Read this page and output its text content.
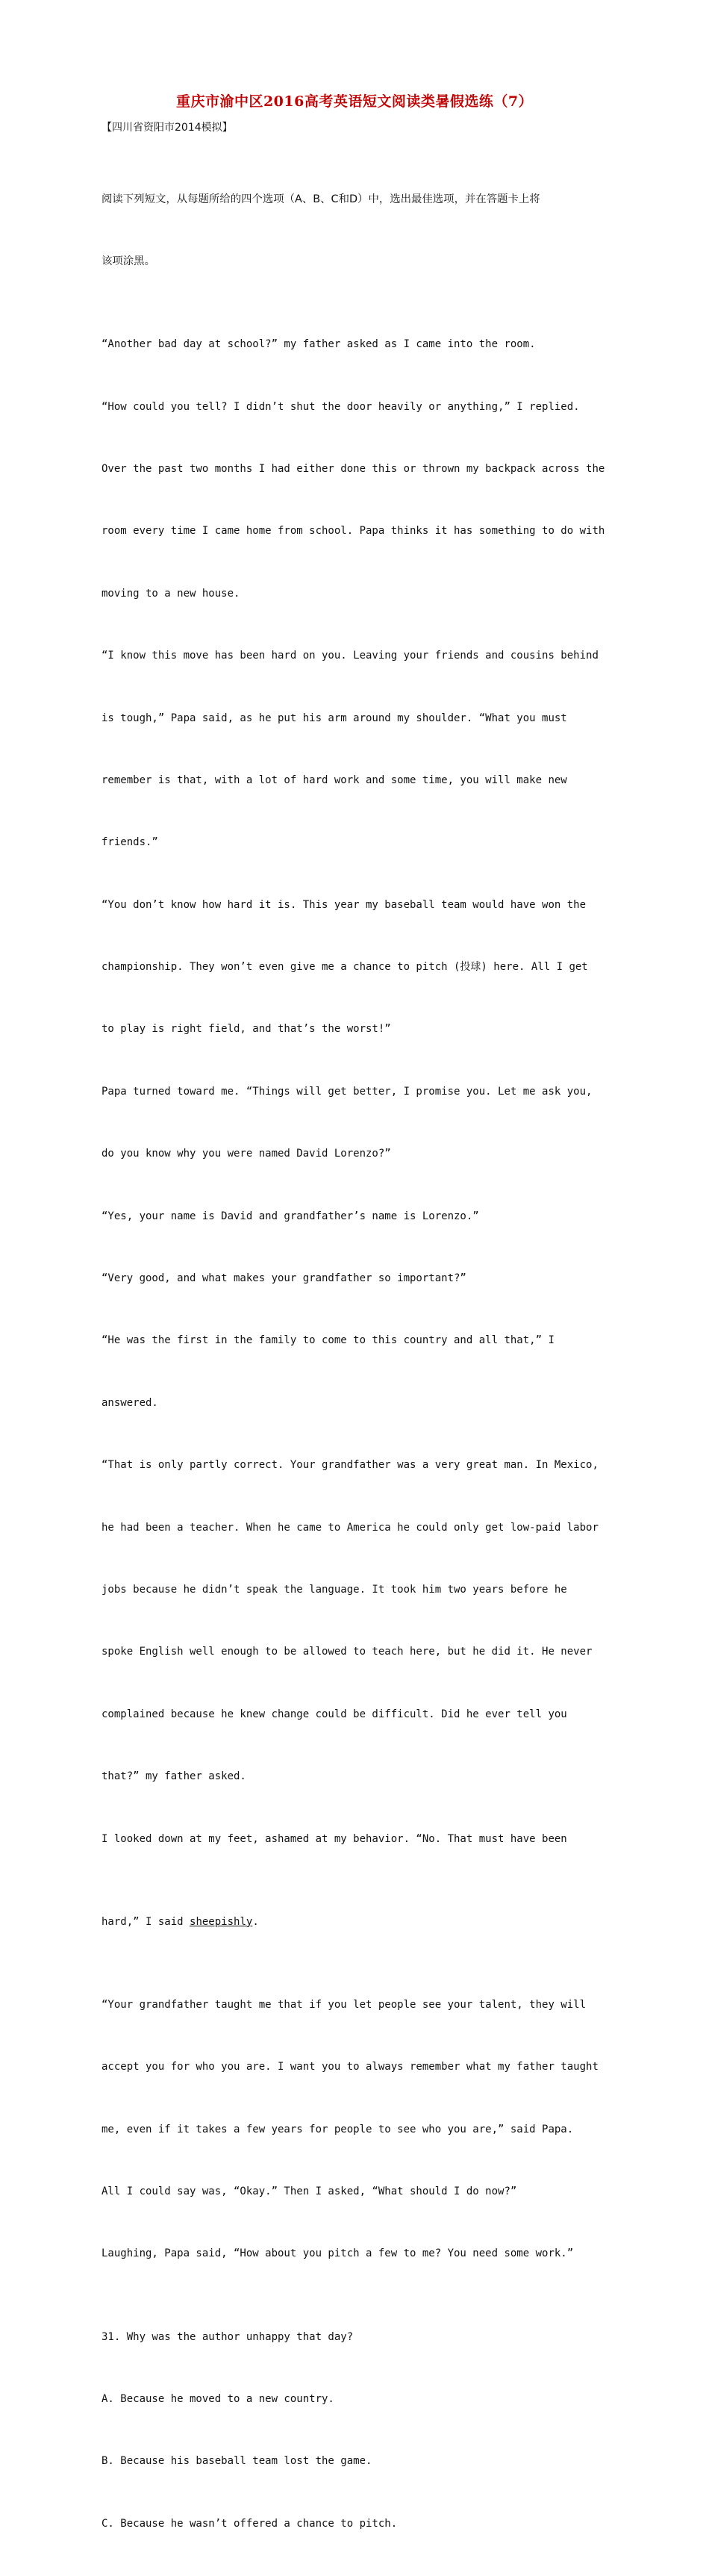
重庆市渝中区2016高考英语短文阅读类暑假选练（7）
【四川省资阳市2014模拟】

阅读下列短文，从每题所给的四个选项（A、B、C和D）中，选出最佳选项，并在答题卡上将

该项涂黑。

“Another bad day at school?” my father asked as I came into the room.

“How could you tell? I didn’t shut the door heavily or anything,” I replied.

Over the past two months I had either done this or thrown my backpack across the

room every time I came home from school. Papa thinks it has something to do with

moving to a new house.

“I know this move has been hard on you. Leaving your friends and cousins behind

is tough,” Papa said, as he put his arm around my shoulder. “What you must

remember is that, with a lot of hard work and some time, you will make new

friends.”

“You don’t know how hard it is. This year my baseball team would have won the

championship. They won’t even give me a chance to pitch (投球) here. All I get

to play is right field, and that’s the worst!”

Papa turned toward me. “Things will get better, I promise you. Let me ask you,

do you know why you were named David Lorenzo?”

“Yes, your name is David and grandfather’s name is Lorenzo.”

“Very good, and what makes your grandfather so important?”

“He was the first in the family to come to this country and all that,” I

answered.

“That is only partly correct. Your grandfather was a very great man. In Mexico,

he had been a teacher. When he came to America he could only get low-paid labor

jobs because he didn’t speak the language. It took him two years before he

spoke English well enough to be allowed to teach here, but he did it. He never

complained because he knew change could be difficult. Did he ever tell you

that?” my father asked.

I looked down at my feet, ashamed at my behavior. “No. That must have been

hard,” I said sheepishly.

“Your grandfather taught me that if you let people see your talent, they will

accept you for who you are. I want you to always remember what my father taught

me, even if it takes a few years for people to see who you are,” said Papa.

All I could say was, “Okay.” Then I asked, “What should I do now?”

Laughing, Papa said, “How about you pitch a few to me? You need some work.”

31. Why was the author unhappy that day?

A. Because he moved to a new country.

B. Because his baseball team lost the game.

C. Because he wasn’t offered a chance to pitch.
